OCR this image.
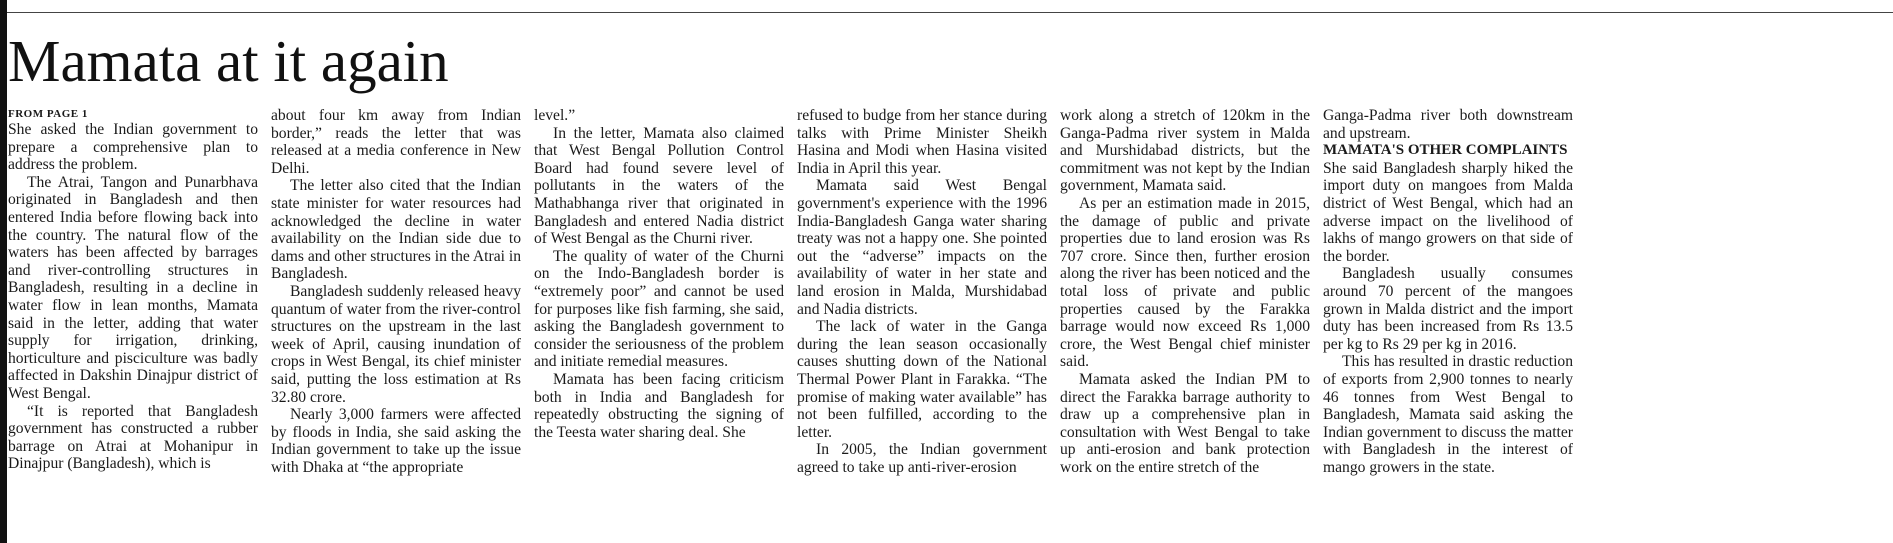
Mamata at it again
FROM PAGE 1

She asked the Indian government to prepare a comprehensive plan to address the problem.

The Atrai, Tangon and Punarbhava originated in Bangladesh and then entered India before flowing back into the country. The natural flow of the waters has been affected by barrages and river-controlling structures in Bangladesh, resulting in a decline in water flow in lean months, Mamata said in the letter, adding that water supply for irrigation, drinking, horticulture and pisciculture was badly affected in Dakshin Dinajpur district of West Bengal.

“It is reported that Bangladesh government has constructed a rubber barrage on Atrai at Mohanipur in Dinajpur (Bangladesh), which is

about four km away from Indian border,” reads the letter that was released at a media conference in New Delhi.

The letter also cited that the Indian state minister for water resources had acknowledged the decline in water availability on the Indian side due to dams and other structures in the Atrai in Bangladesh.

Bangladesh suddenly released heavy quantum of water from the river-control structures on the upstream in the last week of April, causing inundation of crops in West Bengal, its chief minister said, putting the loss estimation at Rs 32.80 crore.

Nearly 3,000 farmers were affected by floods in India, she said asking the Indian government to take up the issue with Dhaka at “the appropriate

level.”

In the letter, Mamata also claimed that West Bengal Pollution Control Board had found severe level of pollutants in the waters of the Mathabhanga river that originated in Bangladesh and entered Nadia district of West Bengal as the Churni river.

The quality of water of the Churni on the Indo-Bangladesh border is “extremely poor” and cannot be used for purposes like fish farming, she said, asking the Bangladesh government to consider the seriousness of the problem and initiate remedial measures.

Mamata has been facing criticism both in India and Bangladesh for repeatedly obstructing the signing of the Teesta water sharing deal. She

refused to budge from her stance during talks with Prime Minister Sheikh Hasina and Modi when Hasina visited India in April this year.

Mamata said West Bengal government's experience with the 1996 India-Bangladesh Ganga water sharing treaty was not a happy one. She pointed out the “adverse” impacts on the availability of water in her state and land erosion in Malda, Murshidabad and Nadia districts.

The lack of water in the Ganga during the lean season occasionally causes shutting down of the National Thermal Power Plant in Farakka. “The promise of making water available” has not been fulfilled, according to the letter.

In 2005, the Indian government agreed to take up anti-river-erosion

work along a stretch of 120km in the Ganga-Padma river system in Malda and Murshidabad districts, but the commitment was not kept by the Indian government, Mamata said.

As per an estimation made in 2015, the damage of public and private properties due to land erosion was Rs 707 crore. Since then, further erosion along the river has been noticed and the total loss of private and public properties caused by the Farakka barrage would now exceed Rs 1,000 crore, the West Bengal chief minister said.

Mamata asked the Indian PM to direct the Farakka barrage authority to draw up a comprehensive plan in consultation with West Bengal to take up anti-erosion and bank protection work on the entire stretch of the

Ganga-Padma river both downstream and upstream.

MAMATA'S OTHER COMPLAINTS

She said Bangladesh sharply hiked the import duty on mangoes from Malda district of West Bengal, which had an adverse impact on the livelihood of lakhs of mango growers on that side of the border.

Bangladesh usually consumes around 70 percent of the mangoes grown in Malda district and the import duty has been increased from Rs 13.5 per kg to Rs 29 per kg in 2016.

This has resulted in drastic reduction of exports from 2,900 tonnes to nearly 46 tonnes from West Bengal to Bangladesh, Mamata said asking the Indian government to discuss the matter with Bangladesh in the interest of mango growers in the state.
